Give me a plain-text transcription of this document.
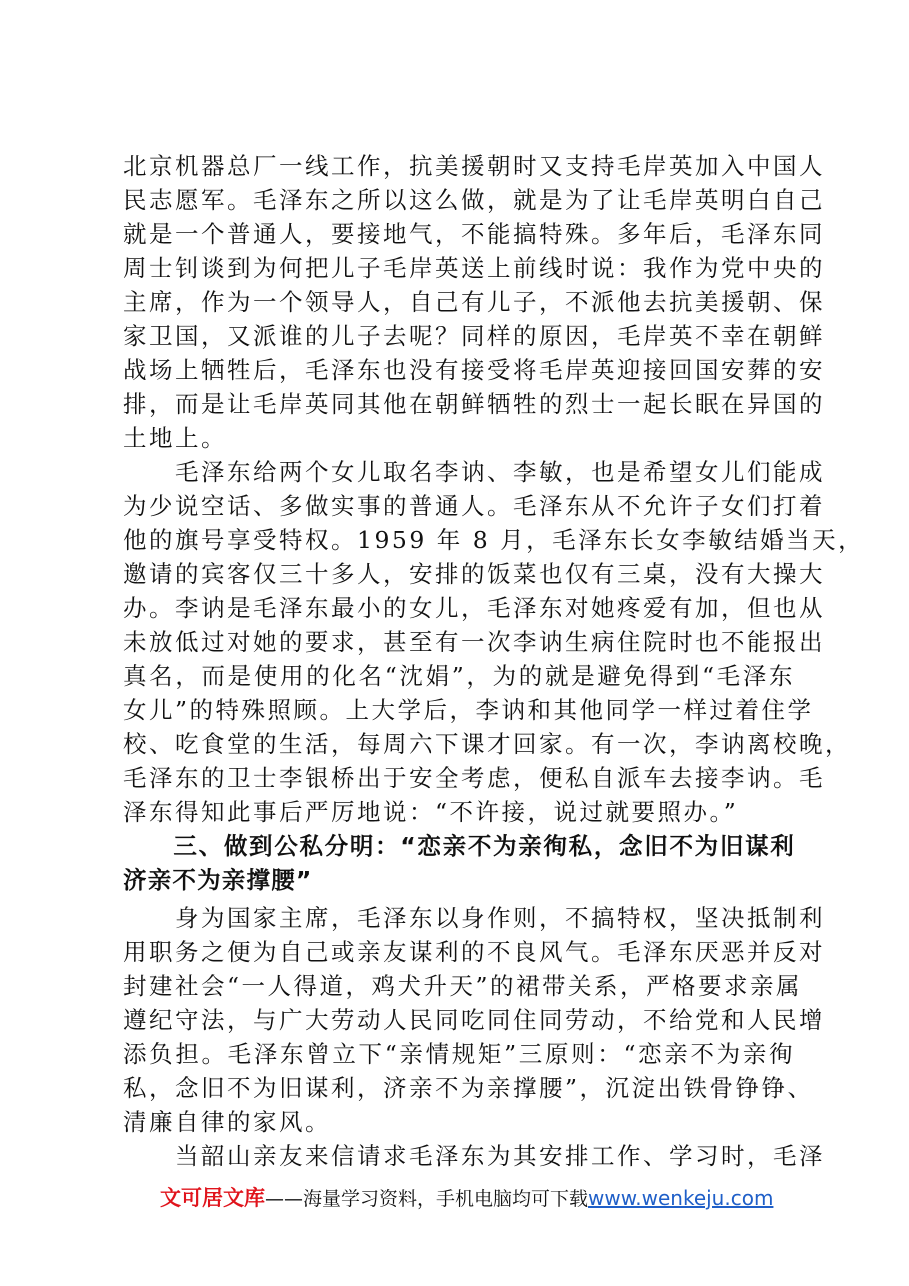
北京机器总厂一线工作，抗美援朝时又支持毛岸英加入中国人
民志愿军。毛泽东之所以这么做，就是为了让毛岸英明白自己
就是一个普通人，要接地气，不能搞特殊。多年后，毛泽东同
周士钊谈到为何把儿子毛岸英送上前线时说：我作为党中央的
主席，作为一个领导人，自己有儿子，不派他去抗美援朝、保
家卫国，又派谁的儿子去呢？同样的原因，毛岸英不幸在朝鲜
战场上牺牲后，毛泽东也没有接受将毛岸英迎接回国安葬的安
排，而是让毛岸英同其他在朝鲜牺牲的烈士一起长眠在异国的
土地上。
　　毛泽东给两个女儿取名李讷、李敏，也是希望女儿们能成
为少说空话、多做实事的普通人。毛泽东从不允许子女们打着
他的旗号享受特权。1959 年 8 月，毛泽东长女李敏结婚当天，
邀请的宾客仅三十多人，安排的饭菜也仅有三桌，没有大操大
办。李讷是毛泽东最小的女儿，毛泽东对她疼爱有加，但也从
未放低过对她的要求，甚至有一次李讷生病住院时也不能报出
真名，而是使用的化名“沈娟”，为的就是避免得到“毛泽东
女儿”的特殊照顾。上大学后，李讷和其他同学一样过着住学
校、吃食堂的生活，每周六下课才回家。有一次，李讷离校晚，
毛泽东的卫士李银桥出于安全考虑，便私自派车去接李讷。毛
泽东得知此事后严厉地说：“不许接，说过就要照办。”
　　三、做到公私分明：“恋亲不为亲徇私，念旧不为旧谋利
济亲不为亲撑腰”
　　身为国家主席，毛泽东以身作则，不搞特权，坚决抵制利
用职务之便为自己或亲友谋利的不良风气。毛泽东厌恶并反对
封建社会“一人得道，鸡犬升天”的裙带关系，严格要求亲属
遵纪守法，与广大劳动人民同吃同住同劳动，不给党和人民增
添负担。毛泽东曾立下“亲情规矩”三原则：“恋亲不为亲徇
私，念旧不为旧谋利，济亲不为亲撑腰”，沉淀出铁骨铮铮、
清廉自律的家风。
　　当韶山亲友来信请求毛泽东为其安排工作、学习时，毛泽
文可居文库——海量学习资料，手机电脑均可下载www.wenkeju.com
